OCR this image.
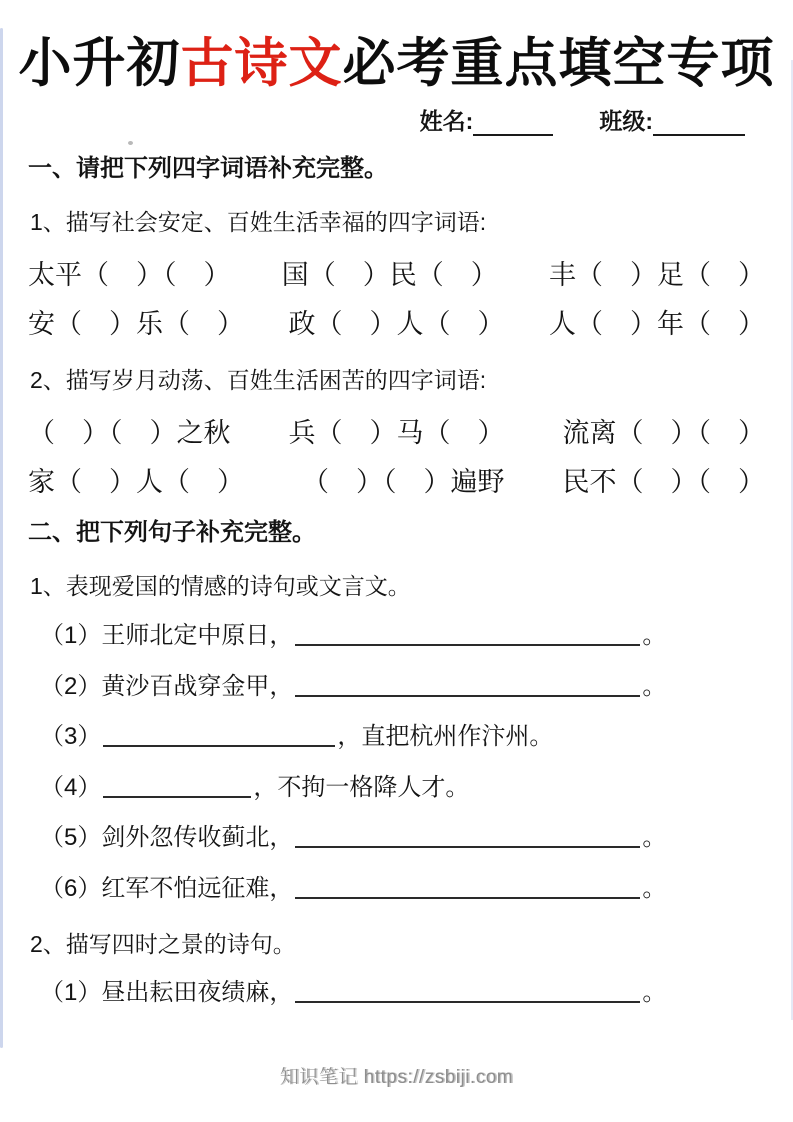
小升初古诗文必考重点填空专项
姓名:	班级:
一、请把下列四字词语补充完整。
1、描写社会安定、百姓生活幸福的四字词语:
太平（　）（　） 国（　）民（　） 丰（　）足（　）
安（　）乐（　） 政（　）人（　） 人（　）年（　）
2、描写岁月动荡、百姓生活困苦的四字词语:
（　）（　）之秋 兵（　）马（　） 流离（　）（　）
家（　）人（　） （　）（　）遍野 民不（　）（　）
二、把下列句子补充完整。
1、表现爱国的情感的诗句或文言文。
（1）王师北定中原日，	。
（2）黄沙百战穿金甲，	。
（3）	，直把杭州作汴州。
（4）	，不拘一格降人才。
（5）剑外忽传收蓟北，	。
（6）红军不怕远征难，	。
2、描写四时之景的诗句。
（1）昼出耘田夜绩麻，	。
知识笔记 https://zsbiji.com
